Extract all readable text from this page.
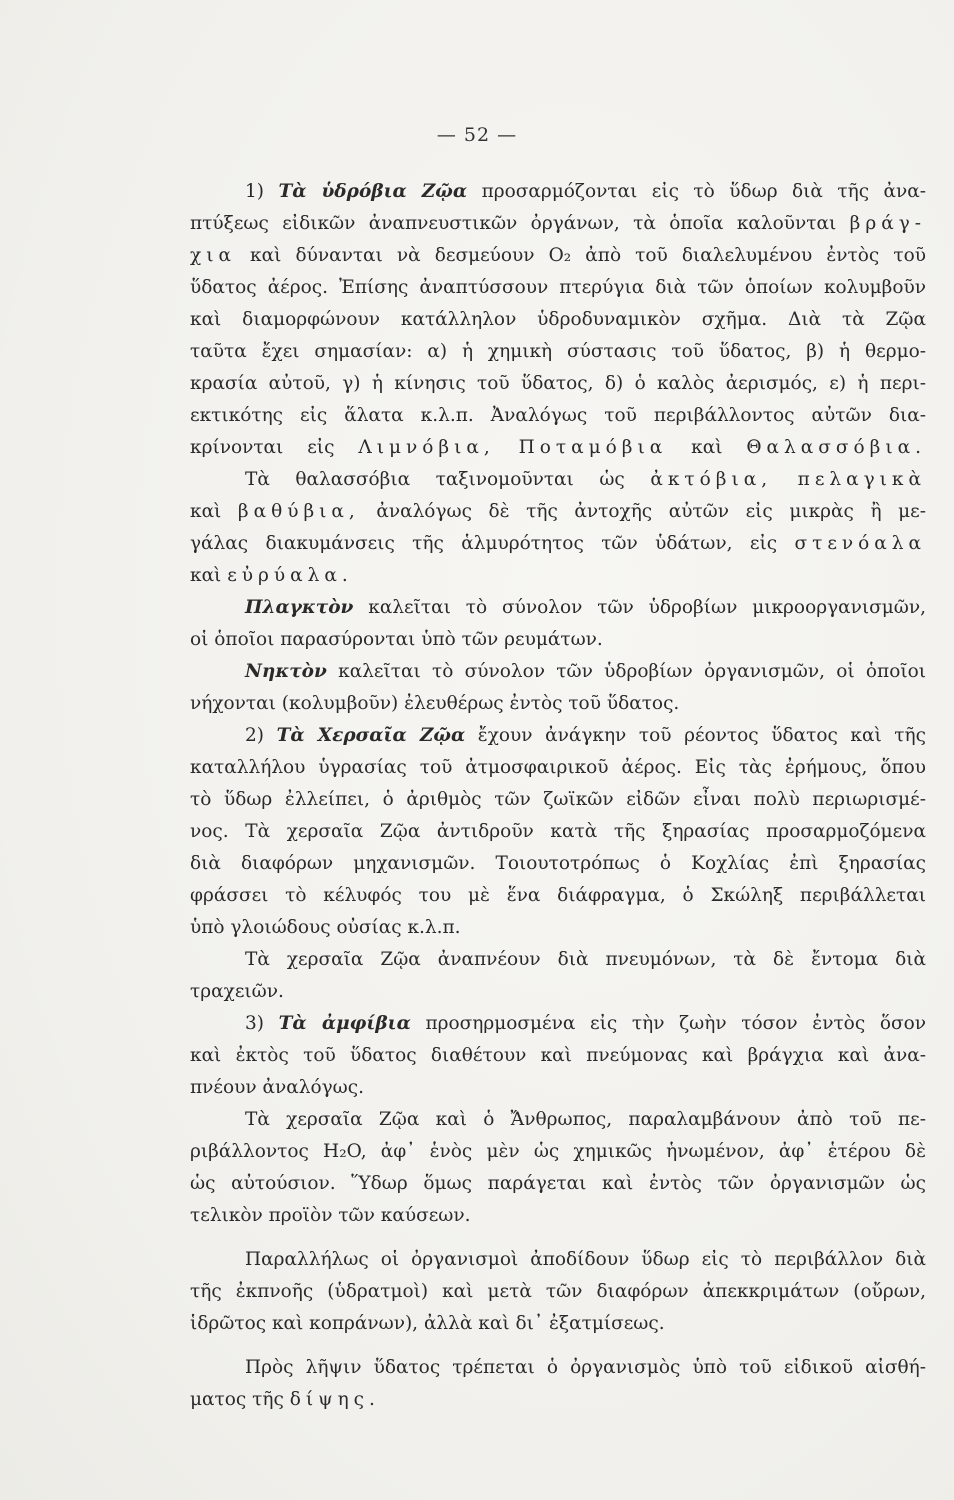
— 52 —
1) Τὰ ὑδρόβια Ζῷα προσαρμόζονται εἰς τὸ ὕδωρ διὰ τῆς ἀνα-
πτύξεως εἰδικῶν ἀναπνευστικῶν ὀργάνων, τὰ ὁποῖα καλοῦνται βράγ-
χια καὶ δύνανται νὰ δεσμεύουν O₂ ἀπὸ τοῦ διαλελυμένου ἐντὸς τοῦ
ὕδατος ἀέρος. Ἐπίσης ἀναπτύσσουν πτερύγια διὰ τῶν ὁποίων κολυμβοῦν
καὶ διαμορφώνουν κατάλληλον ὑδροδυναμικὸν σχῆμα. Διὰ τὰ Ζῷα
ταῦτα ἔχει σημασίαν: α) ἡ χημικὴ σύστασις τοῦ ὕδατος, β) ἡ θερμο-
κρασία αὐτοῦ, γ) ἡ κίνησις τοῦ ὕδατος, δ) ὁ καλὸς ἀερισμός, ε) ἡ περι-
εκτικότης εἰς ἅλατα κ.λ.π. Ἀναλόγως τοῦ περιβάλλοντος αὐτῶν δια-
κρίνονται εἰς Λιμνόβια, Ποταμόβια καὶ Θαλασσόβια.
Τὰ θαλασσόβια ταξινομοῦνται ὡς ἀκτόβια, πελαγικὰ
καὶ βαθύβια, ἀναλόγως δὲ τῆς ἀντοχῆς αὐτῶν εἰς μικρὰς ἢ με-
γάλας διακυμάνσεις τῆς ἁλμυρότητος τῶν ὑδάτων, εἰς στενόαλα
καὶ εὐρύαλα.
Πλαγκτὸν καλεῖται τὸ σύνολον τῶν ὑδροβίων μικροοργανισμῶν,
οἱ ὁποῖοι παρασύρονται ὑπὸ τῶν ρευμάτων.
Νηκτὸν καλεῖται τὸ σύνολον τῶν ὑδροβίων ὀργανισμῶν, οἱ ὁποῖοι
νήχονται (κολυμβοῦν) ἐλευθέρως ἐντὸς τοῦ ὕδατος.
2) Τὰ Χερσαῖα Ζῷα ἔχουν ἀνάγκην τοῦ ρέοντος ὕδατος καὶ τῆς
καταλλήλου ὑγρασίας τοῦ ἀτμοσφαιρικοῦ ἀέρος. Εἰς τὰς ἐρήμους, ὅπου
τὸ ὕδωρ ἐλλείπει, ὁ ἀριθμὸς τῶν ζωϊκῶν εἰδῶν εἶναι πολὺ περιωρισμέ-
νος. Τὰ χερσαῖα Ζῷα ἀντιδροῦν κατὰ τῆς ξηρασίας προσαρμοζόμενα
διὰ διαφόρων μηχανισμῶν. Τοιουτοτρόπως ὁ Κοχλίας ἐπὶ ξηρασίας
φράσσει τὸ κέλυφός του μὲ ἕνα διάφραγμα, ὁ Σκώληξ περιβάλλεται
ὑπὸ γλοιώδους οὐσίας κ.λ.π.
Τὰ χερσαῖα Ζῷα ἀναπνέουν διὰ πνευμόνων, τὰ δὲ ἔντομα διὰ
τραχειῶν.
3) Τὰ ἀμφίβια προσηρμοσμένα εἰς τὴν ζωὴν τόσον ἐντὸς ὅσον
καὶ ἐκτὸς τοῦ ὕδατος διαθέτουν καὶ πνεύμονας καὶ βράγχια καὶ ἀνα-
πνέουν ἀναλόγως.
Τὰ χερσαῖα Ζῷα καὶ ὁ Ἄνθρωπος, παραλαμβάνουν ἀπὸ τοῦ πε-
ριβάλλοντος H₂O, ἀφ᾽ ἑνὸς μὲν ὡς χημικῶς ἡνωμένον, ἀφ᾽ ἑτέρου δὲ
ὡς αὐτούσιον. Ὕδωρ ὅμως παράγεται καὶ ἐντὸς τῶν ὀργανισμῶν ὡς
τελικὸν προϊὸν τῶν καύσεων.
Παραλλήλως οἱ ὀργανισμοὶ ἀποδίδουν ὕδωρ εἰς τὸ περιβάλλον διὰ
τῆς ἐκπνοῆς (ὑδρατμοὶ) καὶ μετὰ τῶν διαφόρων ἀπεκκριμάτων (οὔρων,
ἱδρῶτος καὶ κοπράνων), ἀλλὰ καὶ δι᾽ ἐξατμίσεως.
Πρὸς λῆψιν ὕδατος τρέπεται ὁ ὀργανισμὸς ὑπὸ τοῦ εἰδικοῦ αἰσθή-
ματος τῆς δίψης.
